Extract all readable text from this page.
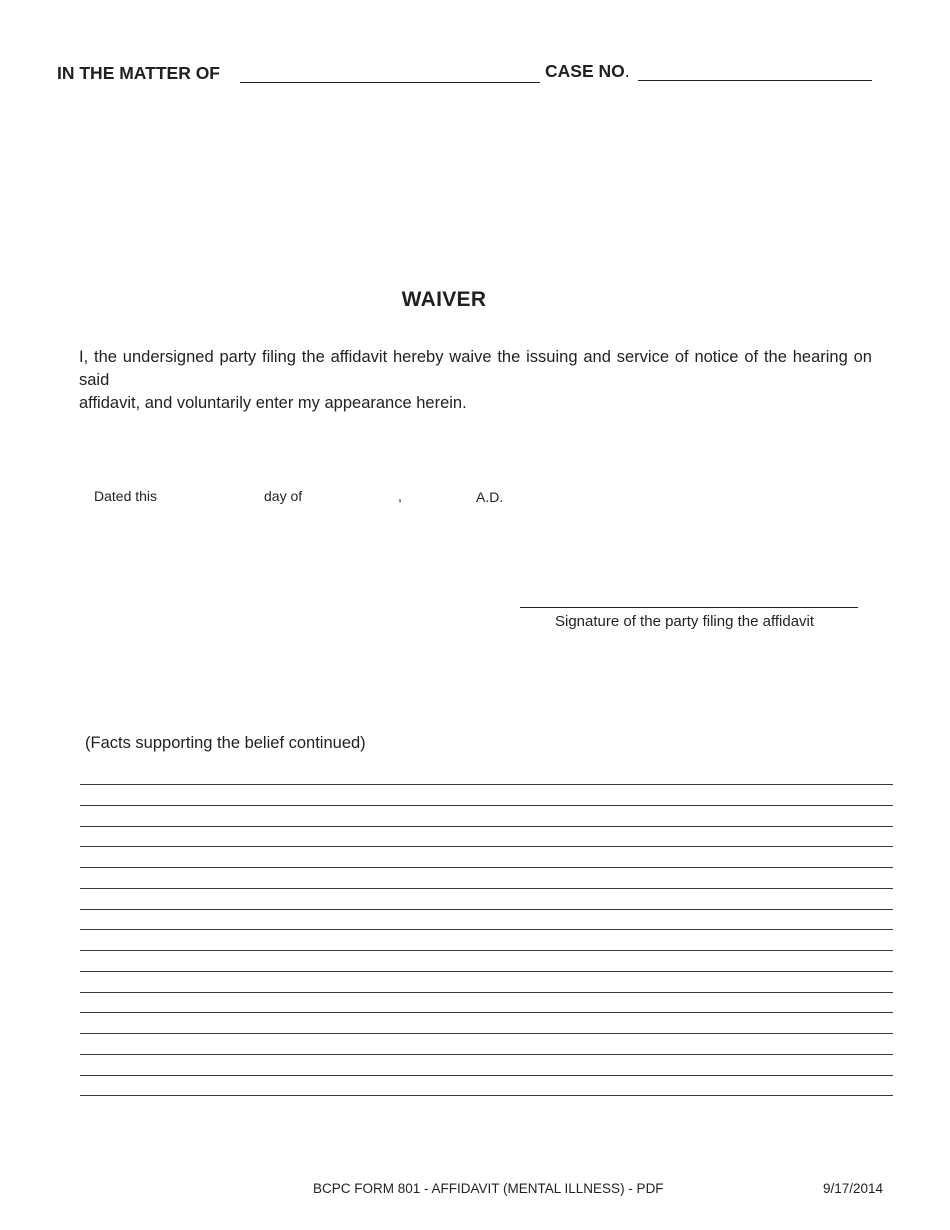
IN THE MATTER OF	CASE NO.
WAIVER
I, the undersigned party filing the affidavit hereby waive the issuing and service of notice of the hearing on said
affidavit, and voluntarily enter my appearance herein.
Dated this	day of	,	A.D.
Signature of the party filing the affidavit
(Facts supporting the belief continued)
BCPC FORM 801 - AFFIDAVIT (MENTAL ILLNESS) - PDF	9/17/2014
